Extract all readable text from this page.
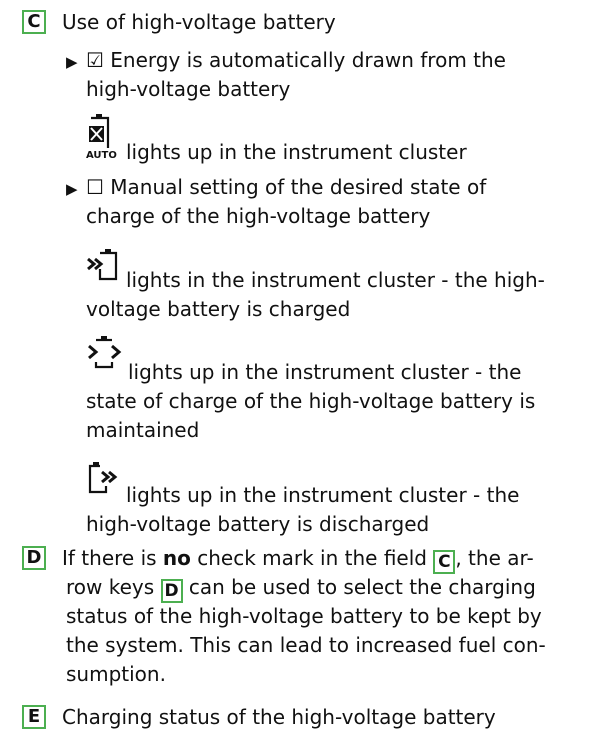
C Use of high-voltage battery
▶ ☑ Energy is automatically drawn from the
high-voltage battery
AUTO lights up in the instrument cluster
▶ ☐ Manual setting of the desired state of
charge of the high-voltage battery
lights in the instrument cluster - the high-
voltage battery is charged
lights up in the instrument cluster - the
state of charge of the high-voltage battery is
maintained
lights up in the instrument cluster - the
high-voltage battery is discharged
D If there is no check mark in the field C , the ar-
row keys D can be used to select the charging
status of the high-voltage battery to be kept by
the system. This can lead to increased fuel con-
sumption.
E Charging status of the high-voltage battery
